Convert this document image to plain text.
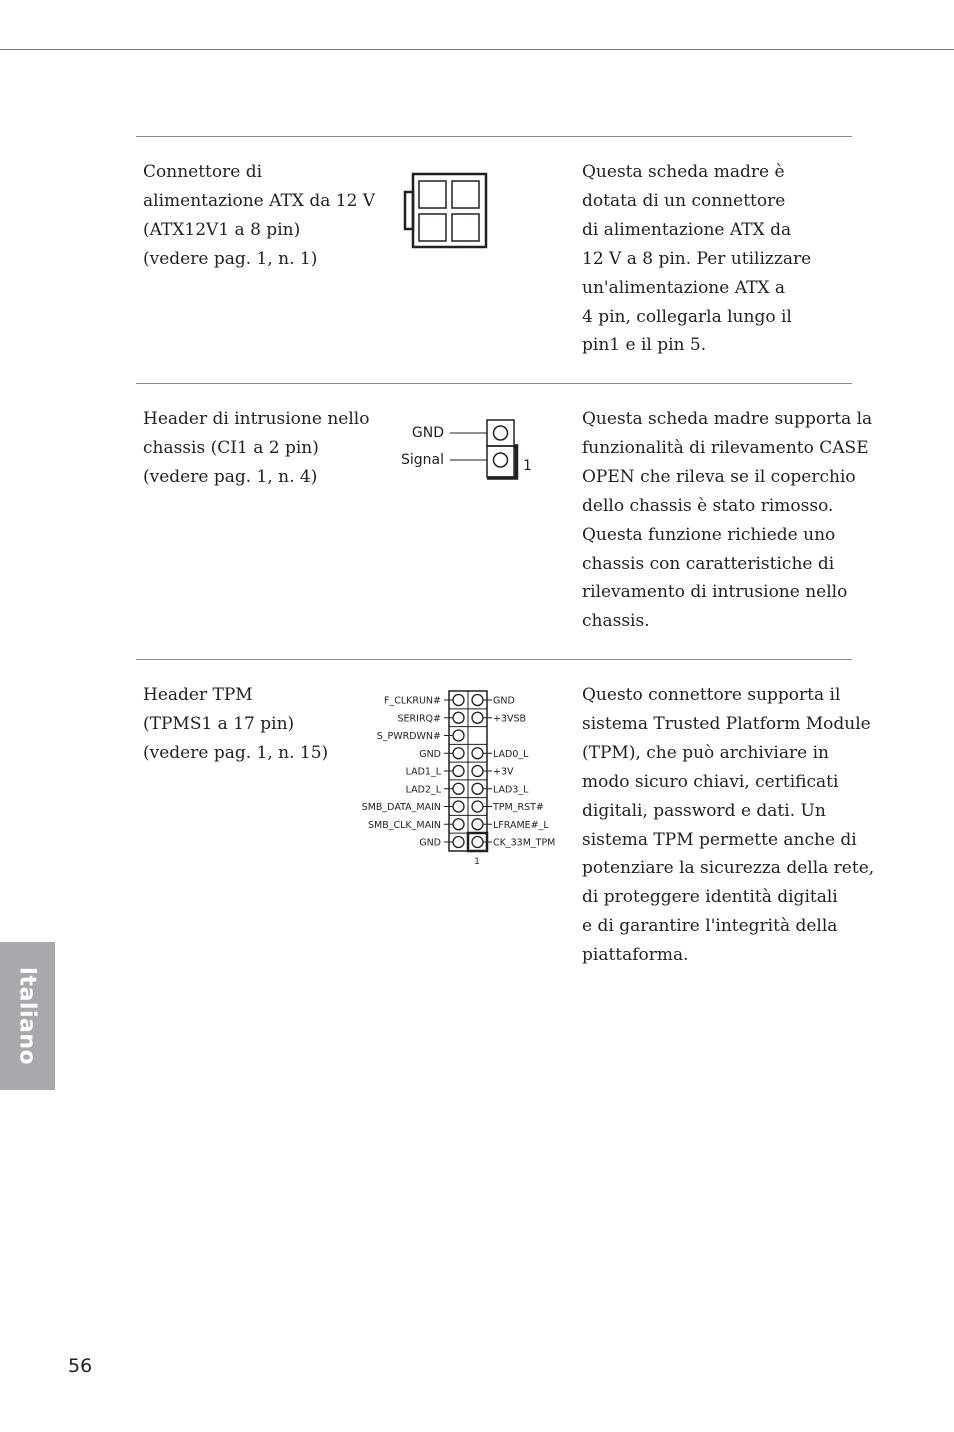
Connettore di
alimentazione ATX da 12 V
(ATX12V1 a 8 pin)
(vedere pag. 1, n. 1)
Questa scheda madre è
dotata di un connettore
di alimentazione ATX da
12 V a 8 pin. Per utilizzare
un'alimentazione ATX a
4 pin, collegarla lungo il
pin1 e il pin 5.
Header di intrusione nello
chassis (CI1 a 2 pin)
(vedere pag. 1, n. 4)
GND
Signal	1
Questa scheda madre supporta la
funzionalità di rilevamento CASE
OPEN che rileva se il coperchio
dello chassis è stato rimosso.
Questa funzione richiede uno
chassis con caratteristiche di
rilevamento di intrusione nello
chassis.
Header TPM
(TPMS1 a 17 pin)
(vedere pag. 1, n. 15)
F_CLKRUN#	GND
SERIRQ#	+3VSB
S_PWRDWN#
GND	LAD0_L
LAD1_L	+3V
LAD2_L	LAD3_L
SMB_DATA_MAIN	TPM_RST#
SMB_CLK_MAIN	LFRAME#_L
GND	CK_33M_TPM
1
Questo connettore supporta il
sistema Trusted Platform Module
(TPM), che può archiviare in
modo sicuro chiavi, certificati
digitali, password e dati. Un
sistema TPM permette anche di
potenziare la sicurezza della rete,
di proteggere identità digitali
e di garantire l'integrità della
piattaforma.
Italiano
56
